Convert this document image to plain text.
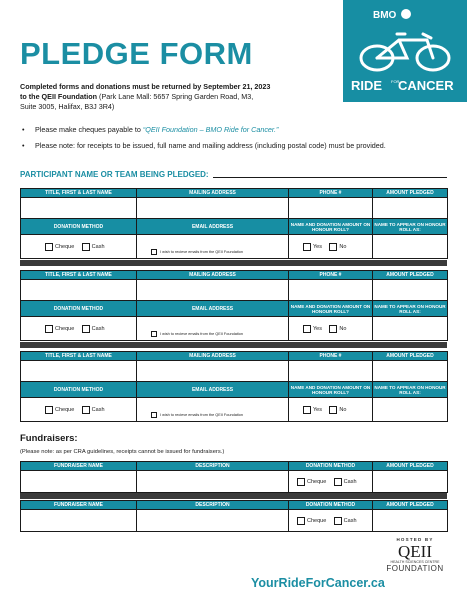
PLEDGE FORM
BMO
RIDE FOR
CANCER
Completed forms and donations must be returned by September 21, 2023
to the QEII Foundation (Park Lane Mall: 5657 Spring Garden Road, M3,
Suite 3005, Halifax, B3J 3R4)
• Please make cheques payable to “QEII Foundation – BMO Ride for Cancer.”
• Please note: for receipts to be issued, full name and mailing address (including postal code) must be provided.
PARTICIPANT NAME OR TEAM BEING PLEDGED:
TITLE, FIRST & LAST NAME	MAILING ADDRESS	PHONE #	AMOUNT PLEDGED

DONATION METHOD	EMAIL ADDRESS	NAME AND DONATION AMOUNT ON HONOUR ROLL?	NAME TO APPEAR ON HONOUR ROLL AS:
Cheque Cash	I wish to recieve emails from the QEII Foundation	Yes No	
TITLE, FIRST & LAST NAME	MAILING ADDRESS	PHONE #	AMOUNT PLEDGED

DONATION METHOD	EMAIL ADDRESS	NAME AND DONATION AMOUNT ON HONOUR ROLL?	NAME TO APPEAR ON HONOUR ROLL AS:
Cheque Cash	I wish to recieve emails from the QEII Foundation	Yes No	
TITLE, FIRST & LAST NAME	MAILING ADDRESS	PHONE #	AMOUNT PLEDGED

DONATION METHOD	EMAIL ADDRESS	NAME AND DONATION AMOUNT ON HONOUR ROLL?	NAME TO APPEAR ON HONOUR ROLL AS:
Cheque Cash	I wish to recieve emails from the QEII Foundation	Yes No	
Fundraisers:
(Please note: as per CRA guidelines, receipts cannot be issued for fundraisers.)
FUNDRAISER NAME	DESCRIPTION	DONATION METHOD	AMOUNT PLEDGED
		Cheque Cash	
FUNDRAISER NAME	DESCRIPTION	DONATION METHOD	AMOUNT PLEDGED
		Cheque Cash	
HOSTED BY
QEII
HEALTH SCIENCES CENTRE
FOUNDATION
YourRideForCancer.ca
